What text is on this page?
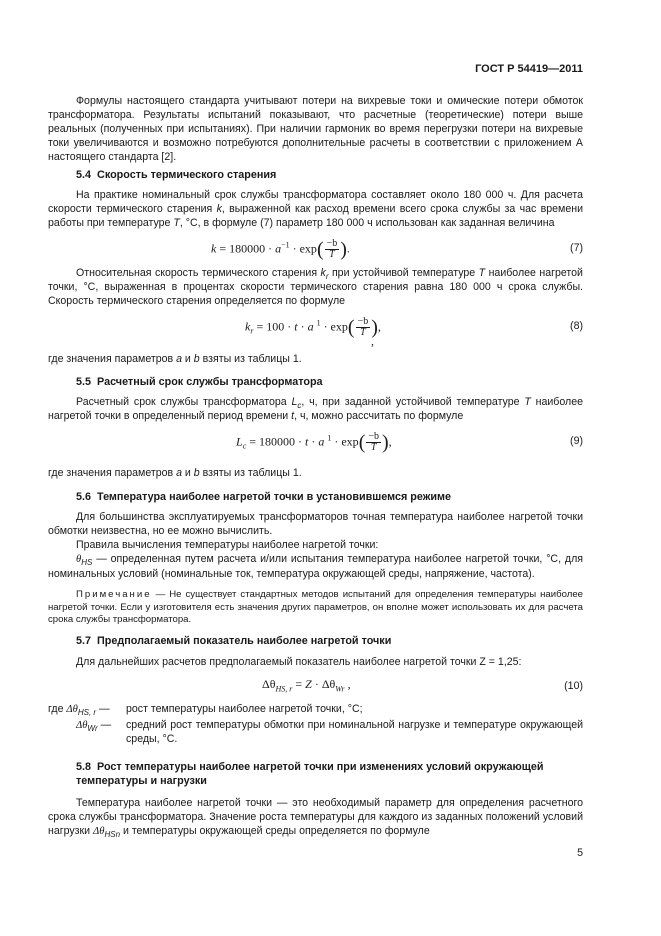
ГОСТ Р 54419—2011

Формулы настоящего стандарта учитывают потери на вихревые токи и омические потери обмоток трансформатора. Результаты испытаний показывают, что расчетные (теоретические) потери выше реальных (полученных при испытаниях). При наличии гармоник во время перегрузки потери на вихревые токи увеличиваются и возможно потребуются дополнительные расчеты в соответствии с приложением А настоящего стандарта [2].

5.4 Скорость термического старения

На практике номинальный срок службы трансформатора составляет около 180 000 ч. Для расчета скорости термического старения k, выраженной как расход времени всего срока службы за час времени работы при температуре T, °С, в формуле (7) параметр 180 000 ч использован как заданная величина

$k = 180000 \cdot a^{-1} \cdot \exp( \frac{-b}{T}$ ).	(7)

Относительная скорость термического старения $k_r$ при устойчивой температуре T наиболее нагретой точки, °С, выраженная в процентах скорости термического старения равна 180 000 ч срока службы. Скорость термического старения определяется по формуле

$k_r = 100 \cdot t \cdot a$ $^1 \cdot \exp( \frac{-b}{T}$ ),	(8)
,

где значения параметров a и b взяты из таблицы 1.

5.5 Расчетный срок службы трансформатора

Расчетный срок службы трансформатора $L_c$, ч, при заданной устойчивой температуре T наиболее нагретой точки в определенный период времени t, ч, можно рассчитать по формуле

$L_c = 180000 \cdot t \cdot a$ $^1 \cdot \exp( \frac{-b}{T}$ ),	(9)

где значения параметров a и b взяты из таблицы 1.

5.6 Температура наиболее нагретой точки в установившемся режиме

Для большинства эксплуатируемых трансформаторов точная температура наиболее нагретой точки обмотки неизвестна, но ее можно вычислить.

Правила вычисления температуры наиболее нагретой точки:

$\theta_{HS}$ — определенная путем расчета и/или испытания температура наиболее нагретой точки, °С, для номинальных условий (номинальные ток, температура окружающей среды, напряжение, частота).

Примечание — Не существует стандартных методов испытаний для определения температуры наиболее нагретой точки. Если у изготовителя есть значения других параметров, он вполне может использовать их для расчета срока службы трансформатора.

5.7 Предполагаемый показатель наиболее нагретой точки

Для дальнейших расчетов предполагаемый показатель наиболее нагретой точки Z = 1,25:

$\Delta\theta_{HS, r} = Z \cdot \Delta\theta_{Wr}$ ,	(10)
где $\Delta\theta_{HS, r}$ — рост температуры наиболее нагретой точки, °С;
$\Delta\theta_{Wr}$ — средний рост температуры обмотки при номинальной нагрузке и температуре окружающей среды, °С.
5.8 Рост температуры наиболее нагретой точки при изменениях условий окружающей температуры и нагрузки

Температура наиболее нагретой точки — это необходимый параметр для определения расчетного срока службы трансформатора. Значение роста температуры для каждого из заданных положений условий нагрузки $\Delta\theta_{HSn}$ и температуры окружающей среды определяется по формуле

5
